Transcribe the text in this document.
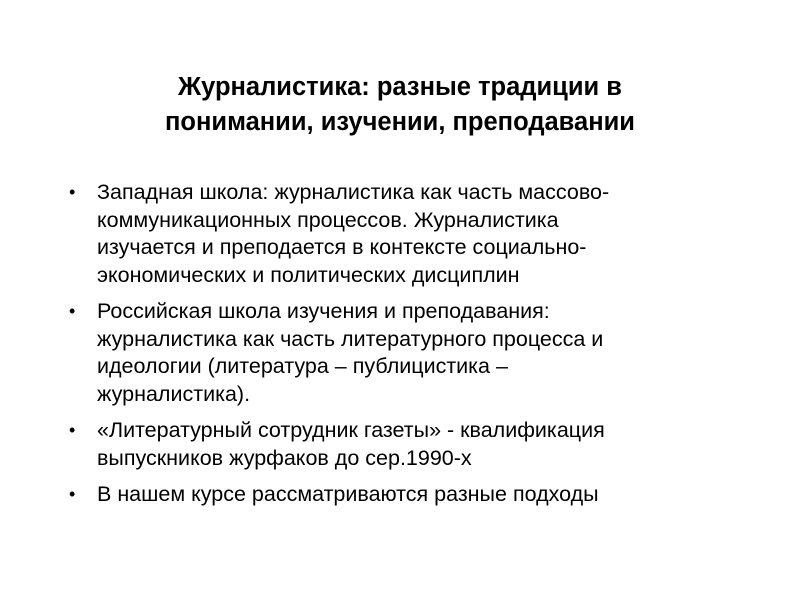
Журналистика: разные традиции в
понимании, изучении, преподавании
• Западная школа: журналистика как часть массово-
коммуникационных процессов. Журналистика
изучается и преподается в контексте социально-
экономических и политических дисциплин
• Российская школа изучения и преподавания:
журналистика как часть литературного процесса и
идеологии (литература – публицистика –
журналистика).
• «Литературный сотрудник газеты» - квалификация
выпускников журфаков до сер.1990-х
• В нашем курсе рассматриваются разные подходы
